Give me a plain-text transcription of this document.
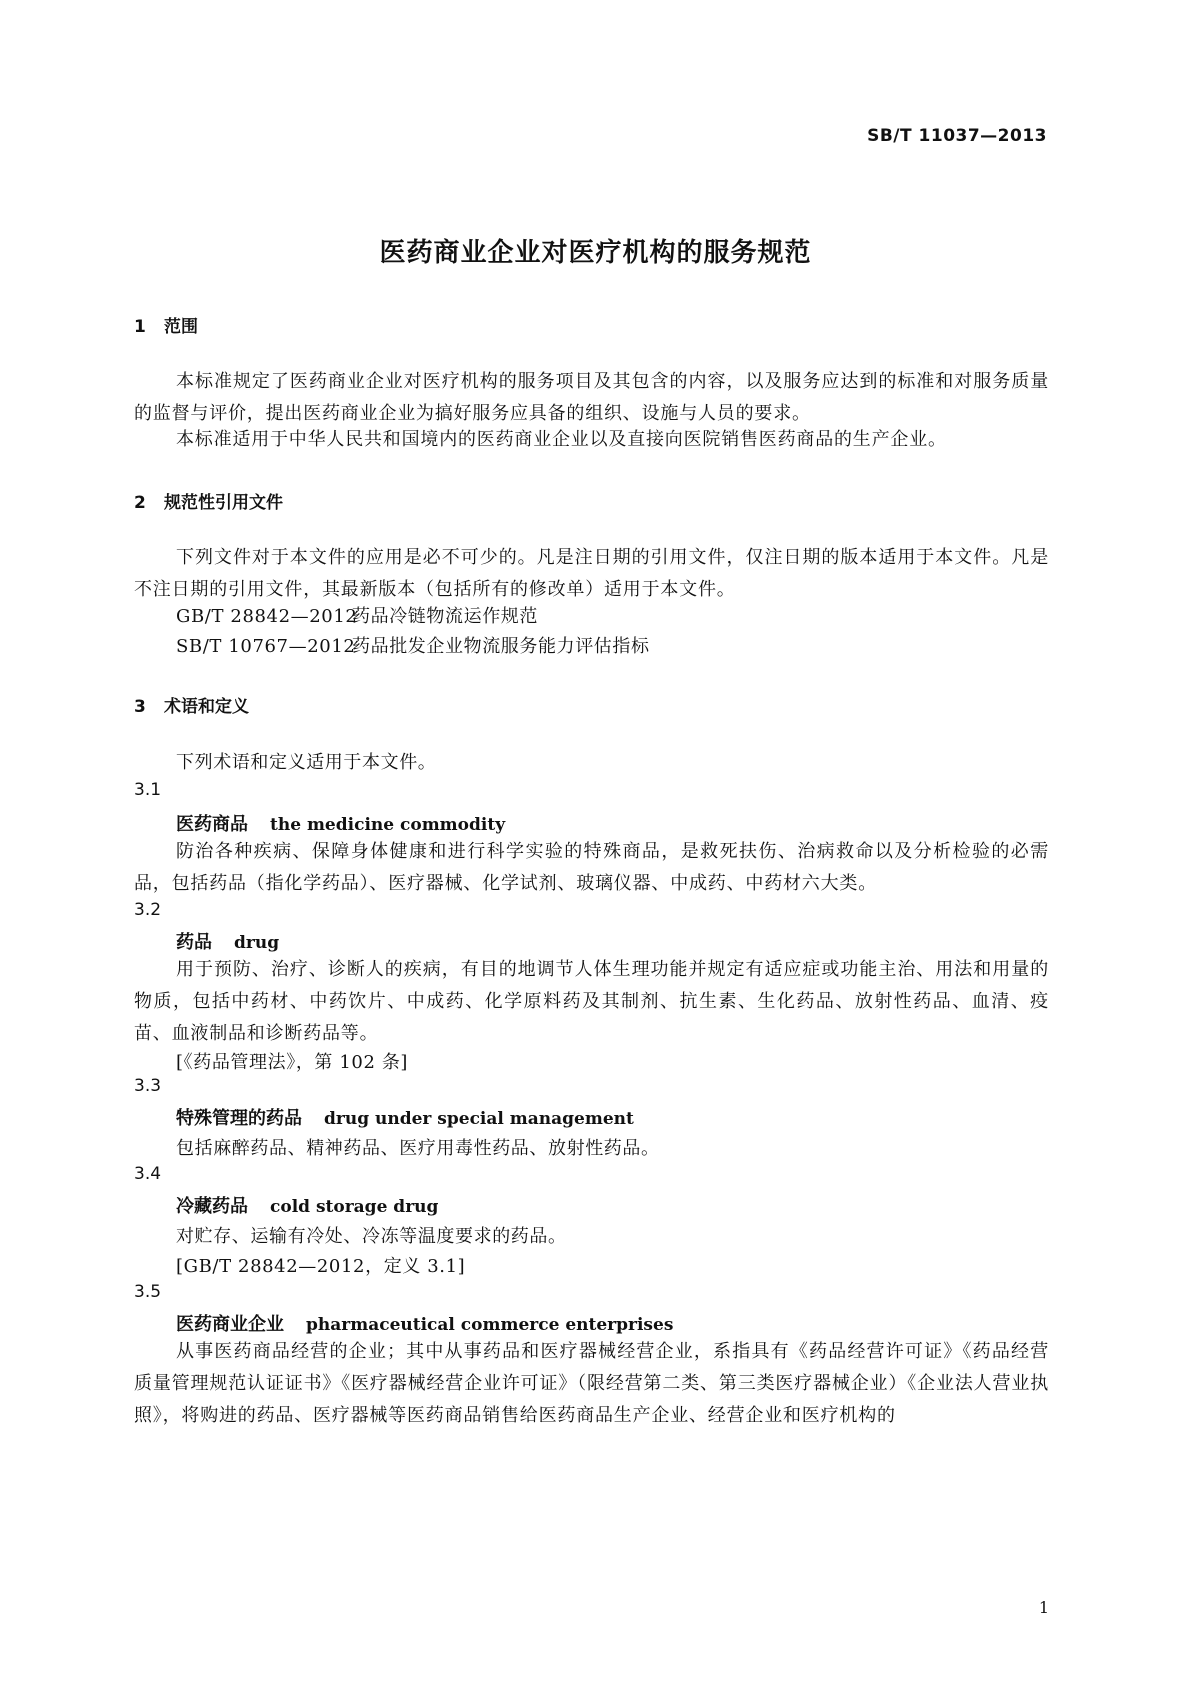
SB/T 11037—2013
医药商业企业对医疗机构的服务规范
1 范围

本标准规定了医药商业企业对医疗机构的服务项目及其包含的内容，以及服务应达到的标准和对服务质量的监督与评价，提出医药商业企业为搞好服务应具备的组织、设施与人员的要求。

本标准适用于中华人民共和国境内的医药商业企业以及直接向医院销售医药商品的生产企业。

2 规范性引用文件

下列文件对于本文件的应用是必不可少的。凡是注日期的引用文件，仅注日期的版本适用于本文件。凡是不注日期的引用文件，其最新版本（包括所有的修改单）适用于本文件。

GB/T 28842—2012药品冷链物流运作规范
SB/T 10767—2012药品批发企业物流服务能力评估指标
3 术语和定义
下列术语和定义适用于本文件。
3.1
医药商品 the medicine commodity

防治各种疾病、保障身体健康和进行科学实验的特殊商品，是救死扶伤、治病救命以及分析检验的必需品，包括药品（指化学药品）、医疗器械、化学试剂、玻璃仪器、中成药、中药材六大类。

3.2
药品 drug

用于预防、治疗、诊断人的疾病，有目的地调节人体生理功能并规定有适应症或功能主治、用法和用量的物质，包括中药材、中药饮片、中成药、化学原料药及其制剂、抗生素、生化药品、放射性药品、血清、疫苗、血液制品和诊断药品等。

[《药品管理法》，第 102 条]
3.3
特殊管理的药品 drug under special management
包括麻醉药品、精神药品、医疗用毒性药品、放射性药品。
3.4
冷藏药品 cold storage drug
对贮存、运输有冷处、冷冻等温度要求的药品。
[GB/T 28842—2012，定义 3.1]
3.5
医药商业企业 pharmaceutical commerce enterprises

从事医药商品经营的企业；其中从事药品和医疗器械经营企业，系指具有《药品经营许可证》《药品经营质量管理规范认证证书》《医疗器械经营企业许可证》（限经营第二类、第三类医疗器械企业）《企业法人营业执照》，将购进的药品、医疗器械等医药商品销售给医药商品生产企业、经营企业和医疗机构的

1
